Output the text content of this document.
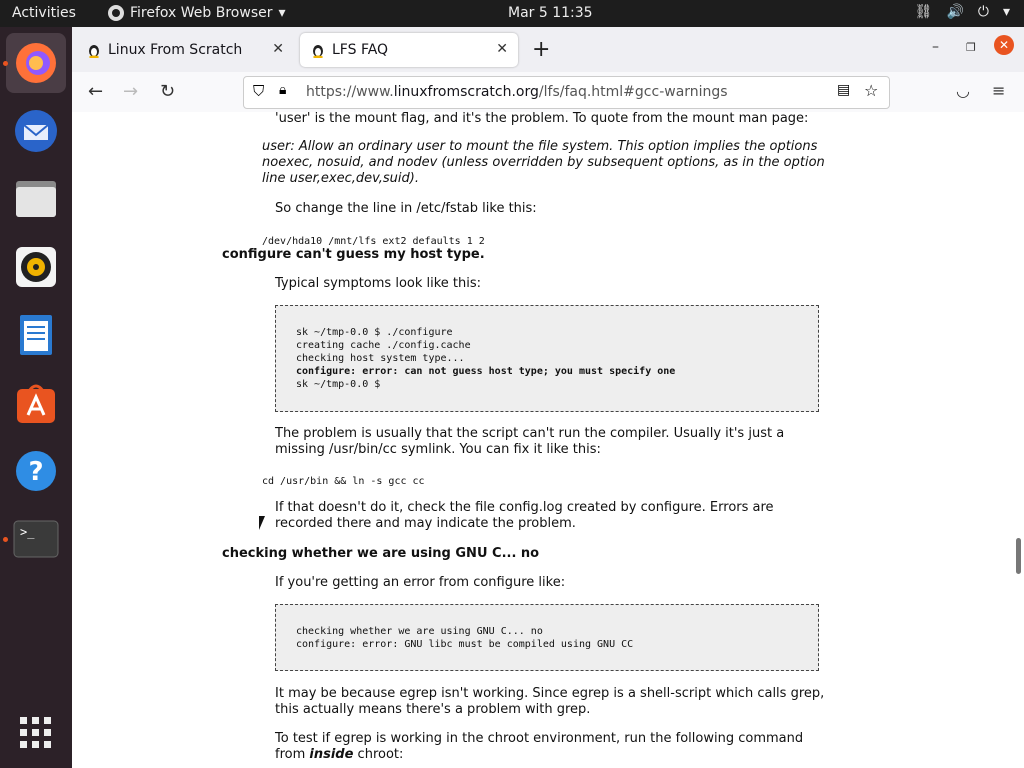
Activities	Firefox Web Browser ▾	Mar 5 11:35	⛓ 🔊 ⏻ ▾
?
>_
Linux From Scratch ✕	LFS FAQ	✕ +	– ❐	✕
← → ↻	⛉ 🔒︎ https://www.linuxfromscratch.org/lfs/faq.html#gcc-warnings	▤ ☆	◡ ≡
'user' is the mount flag, and it's the problem. To quote from the mount man page:
user: Allow an ordinary user to mount the file system. This option implies the options noexec, nosuid, and nodev (unless overridden by subsequent options, as in the option line user,exec,dev,suid).
So change the line in /etc/fstab like this:
/dev/hda10 /mnt/lfs ext2 defaults 1 2
configure can't guess my host type.
Typical symptoms look like this:
sk ~/tmp-0.0 $ ./configure
creating cache ./config.cache
checking host system type...
configure: error: can not guess host type; you must specify one
sk ~/tmp-0.0 $
The problem is usually that the script can't run the compiler. Usually it's just a
missing /usr/bin/cc symlink. You can fix it like this:
cd /usr/bin && ln -s gcc cc
If that doesn't do it, check the file config.log created by configure. Errors are
recorded there and may indicate the problem.
checking whether we are using GNU C... no
If you're getting an error from configure like:
checking whether we are using GNU C... no
configure: error: GNU libc must be compiled using GNU CC
It may be because egrep isn't working. Since egrep is a shell-script which calls grep,
this actually means there's a problem with grep.
To test if egrep is working in the chroot environment, run the following command
from inside chroot:
